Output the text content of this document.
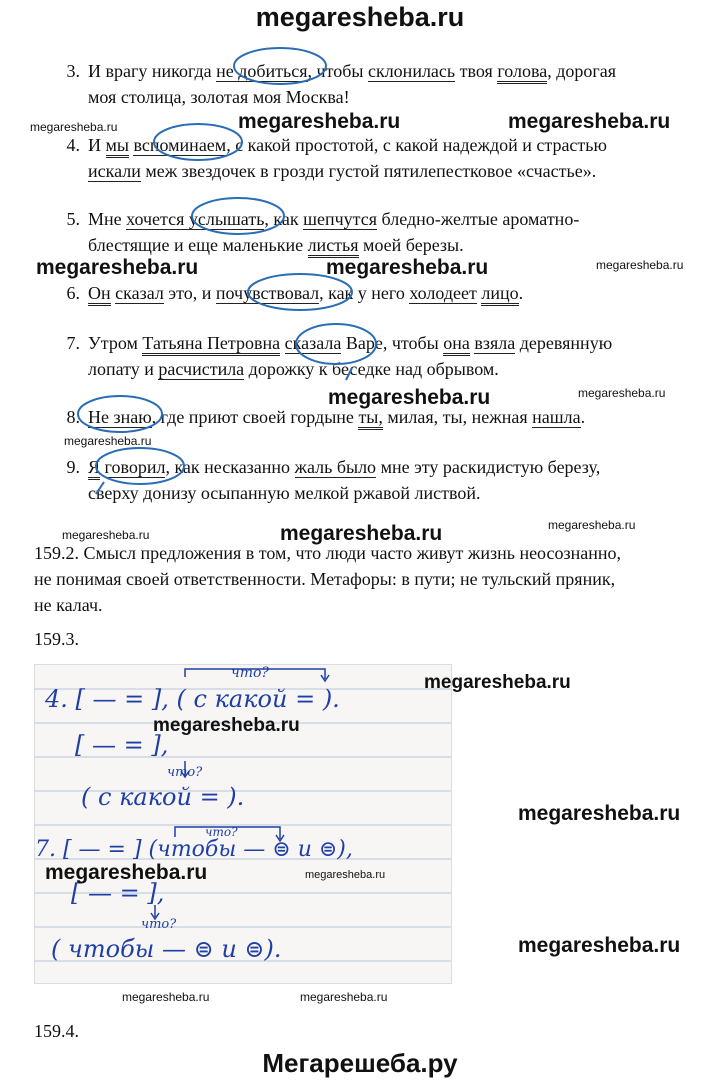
megaresheba.ru
3. И врагу никогда не добиться, чтобы склонилась твоя голова, дорогая
моя столица, золотая моя Москва!
4. И мы вспоминаем, с какой простотой, с какой надеждой и страстью
искали меж звездочек в грозди густой пятилепестковое «счастье».
5. Мне хочется услышать, как шепчутся бледно-желтые ароматно-
блестящие и еще маленькие листья моей березы.
6. Он сказал это, и почувствовал, как у него холодеет лицо.
7. Утром Татьяна Петровна сказала Варе, чтобы она взяла деревянную
лопату и расчистила дорожку к беседке над обрывом.
8. Не знаю, где приют своей гордыне ты, милая, ты, нежная нашла.
9. Я говорил, как несказанно жаль было мне эту раскидистую березу,
сверху донизу осыпанную мелкой ржавой листвой.
megaresheba.ru	megaresheba.ru	megaresheba.ru
megaresheba.ru	megaresheba.ru	megaresheba.ru
megaresheba.ru	megaresheba.ru
megaresheba.ru
megaresheba.ru	megaresheba.ru	megaresheba.ru
159.2. Смысл предложения в том, что люди часто живут жизнь неосознанно,
не понимая своей ответственности. Метафоры: в пути; не тульский пряник,
не калач.
159.3.
что?
4. [ — = ], ( с какой = ).
[ — = ],
что?
( с какой = ).
что?
7. [ — = ] (чтобы — ⊜ и ⊜),
[ — = ],
что?
( чтобы — ⊜ и ⊜).
megaresheba.ru
megaresheba.ru	megaresheba.ru
megaresheba.ru
megaresheba.ru
megaresheba.ru
megaresheba.ru	megaresheba.ru
159.4.
Мегарешеба.ру
